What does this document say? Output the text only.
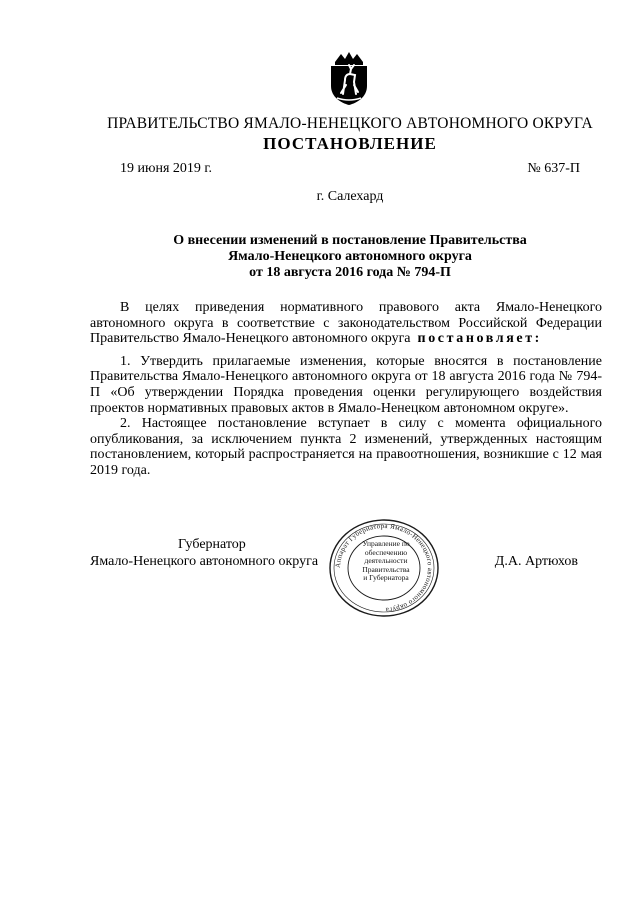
ПРАВИТЕЛЬСТВО ЯМАЛО-НЕНЕЦКОГО АВТОНОМНОГО ОКРУГА
ПОСТАНОВЛЕНИЕ
19 июня 2019 г.	№ 637-П
г. Салехард
О внесении изменений в постановление Правительства
Ямало-Ненецкого автономного округа
от 18 августа 2016 года № 794-П

В целях приведения нормативного правового акта Ямало-Ненецкого автономного округа в соответствие с законодательством Российской Федерации Правительство Ямало-Ненецкого автономного округа постановляет:

1. Утвердить прилагаемые изменения, которые вносятся в постановление Правительства Ямало-Ненецкого автономного округа от 18 августа 2016 года № 794-П «Об утверждении Порядка проведения оценки регулирующего воздействия проектов нормативных правовых актов в Ямало-Ненецком автономном округе».

2. Настоящее постановление вступает в силу с момента официального опубликования, за исключением пункта 2 изменений, утвержденных настоящим постановлением, который распространяется на правоотношения, возникшие с 12 мая 2019 года.

Губернатор
Ямало-Ненецкого автономного округа	Д.А. Артюхов
Аппарат Губернатора Ямало-Ненецкого автономного округа
Управление по
обеспечению
деятельности
Правительства
и Губернатора
